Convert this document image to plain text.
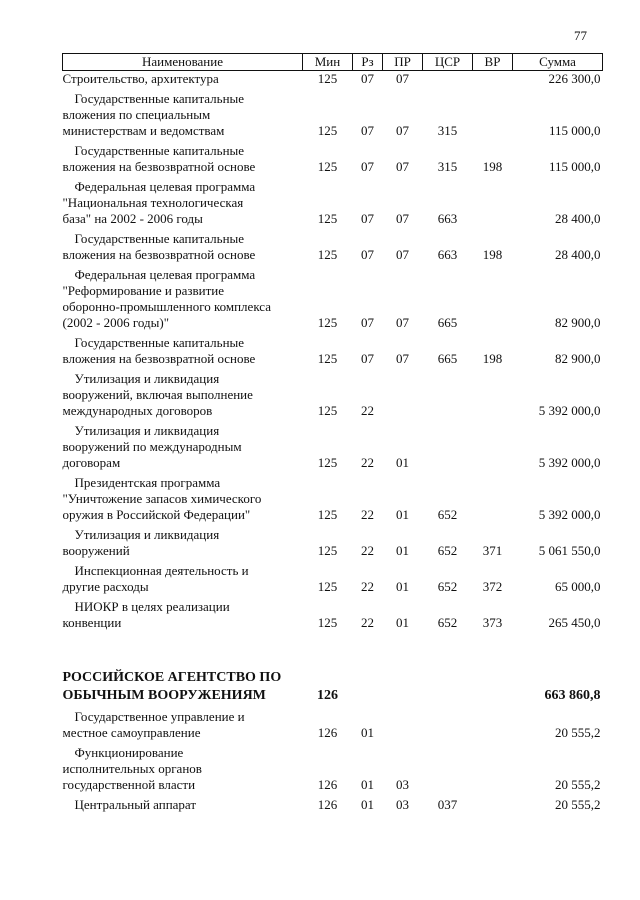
77
Наименование	Мин	Рз	ПР	ЦСР	ВР	Сумма

Строительство, архитектура	125	07	07			226 300,0

Государственные капитальные
вложения по специальным
министерствам и ведомствам	125	07	07	315		115 000,0

Государственные капитальные
вложения на безвозвратной основе	125	07	07	315	198	115 000,0

Федеральная целевая программа
"Национальная технологическая
база" на 2002 - 2006 годы	125	07	07	663		28 400,0

Государственные капитальные
вложения на безвозвратной основе	125	07	07	663	198	28 400,0

Федеральная целевая программа
"Реформирование и развитие
оборонно-промышленного комплекса
(2002 - 2006 годы)"	125	07	07	665		82 900,0

Государственные капитальные
вложения на безвозвратной основе	125	07	07	665	198	82 900,0

Утилизация и ликвидация
вооружений, включая выполнение
международных договоров	125	22				5 392 000,0

Утилизация и ликвидация
вооружений по международным
договорам	125	22	01			5 392 000,0

Президентская программа
"Уничтожение запасов химического
оружия в Российской Федерации"	125	22	01	652		5 392 000,0

Утилизация и ликвидация
вооружений	125	22	01	652	371	5 061 550,0

Инспекционная деятельность и
другие расходы	125	22	01	652	372	65 000,0

НИОКР в целях реализации
конвенции	125	22	01	652	373	265 450,0

РОССИЙСКОЕ АГЕНТСТВО ПО
ОБЫЧНЫМ ВООРУЖЕНИЯМ	126					663 860,8

Государственное управление и
местное самоуправление	126	01				20 555,2

Функционирование
исполнительных органов
государственной власти	126	01	03			20 555,2

Центральный аппарат	126	01	03	037		20 555,2
